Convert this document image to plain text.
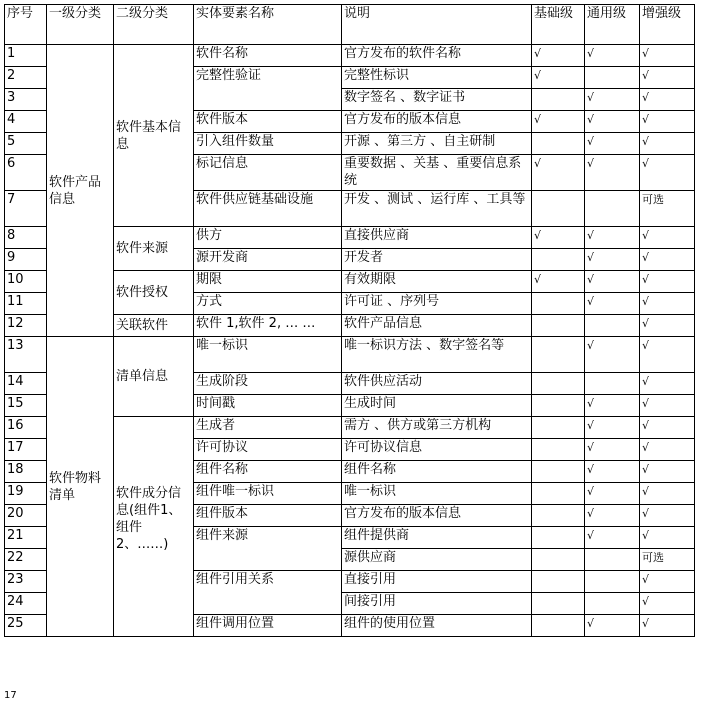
序号	一级分类	二级分类	实体要素名称	说明	基础级	通用级	增强级
1	软件产品信息	软件基本信息	软件名称	官方发布的软件名称	√	√	√
2			完整性验证	完整性标识	√		√
3				数字签名 、数字证书		√	√
4			软件版本	官方发布的版本信息	√	√	√
5			引入组件数量	开源 、第三方 、自主研制		√	√
6			标记信息	重要数据 、关基 、重要信息系统	√	√	√
7			软件供应链基础设施	开发 、测试 、运行库 、工具等			可选
8		软件来源	供方	直接供应商	√	√	√
9			源开发商	开发者		√	√
10		软件授权	期限	有效期限	√	√	√
11			方式	许可证 、序列号		√	√
12		关联软件	软件 1,软件 2, … …	软件产品信息			√
13	软件物料清单	清单信息	唯一标识	唯一标识方法 、数字签名等		√	√
14			生成阶段	软件供应活动			√
15			时间戳	生成时间		√	√
16		软件成分信息(组件1、组件 2、……)	生成者	需方 、供方或第三方机构		√	√
17			许可协议	许可协议信息		√	√
18			组件名称	组件名称		√	√
19			组件唯一标识	唯一标识		√	√
20			组件版本	官方发布的版本信息		√	√
21			组件来源	组件提供商		√	√
22				源供应商			可选
23			组件引用关系	直接引用			√
24				间接引用			√
25			组件调用位置	组件的使用位置		√	√
17
